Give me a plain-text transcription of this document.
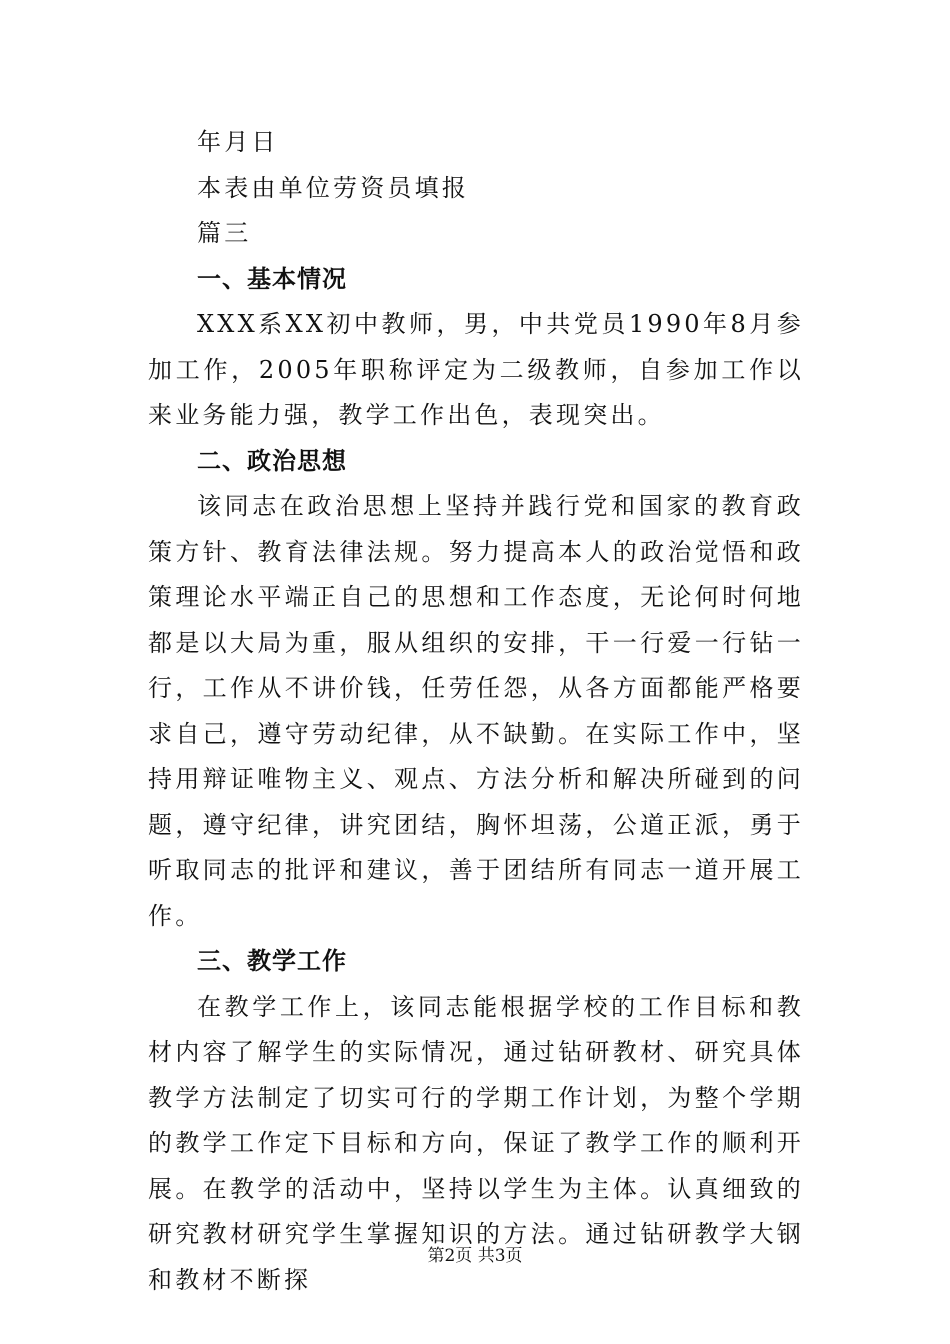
年月日

本表由单位劳资员填报

篇三

一、基本情况

XXX系XX初中教师，男，中共党员1990年8月参加工作，2005年职称评定为二级教师，自参加工作以来业务能力强，教学工作出色，表现突出。

二、政治思想

该同志在政治思想上坚持并践行党和国家的教育政策方针、教育法律法规。努力提高本人的政治觉悟和政策理论水平端正自己的思想和工作态度，无论何时何地都是以大局为重，服从组织的安排，干一行爱一行钻一行，工作从不讲价钱，任劳任怨，从各方面都能严格要求自己，遵守劳动纪律，从不缺勤。在实际工作中，坚持用辩证唯物主义、观点、方法分析和解决所碰到的问题，遵守纪律，讲究团结，胸怀坦荡，公道正派，勇于听取同志的批评和建议，善于团结所有同志一道开展工作。

三、教学工作

在教学工作上，该同志能根据学校的工作目标和教材内容了解学生的实际情况，通过钻研教材、研究具体教学方法制定了切实可行的学期工作计划，为整个学期的教学工作定下目标和方向，保证了教学工作的顺利开展。在教学的活动中，坚持以学生为主体。认真细致的研究教材研究学生掌握知识的方法。通过钻研教学大钢和教材不断探

第2页 共3页
